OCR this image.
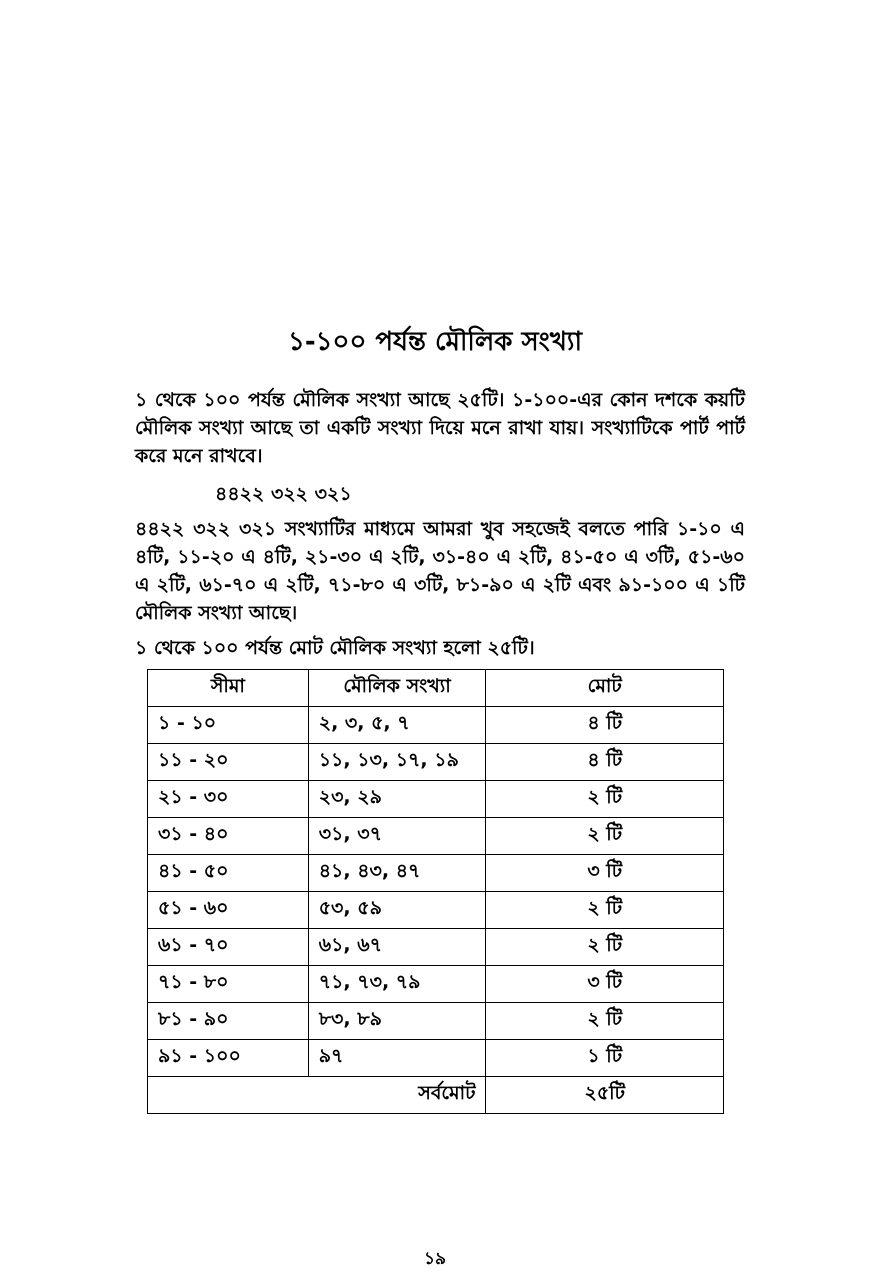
১-১০০ পর্যন্ত মৌলিক সংখ্যা
১ থেকে ১০০ পর্যন্ত মৌলিক সংখ্যা আছে ২৫টি। ১-১০০-এর কোন দশকে কয়টি মৌলিক সংখ্যা আছে তা একটি সংখ্যা দিয়ে মনে রাখা যায়। সংখ্যাটিকে পার্ট পার্ট করে মনে রাখবে।
৪৪২২ ৩২২ ৩২১
৪৪২২ ৩২২ ৩২১ সংখ্যাটির মাধ্যমে আমরা খুব সহজেই বলতে পারি ১-১০ এ ৪টি, ১১-২০ এ ৪টি, ২১-৩০ এ ২টি, ৩১-৪০ এ ২টি, ৪১-৫০ এ ৩টি, ৫১-৬০ এ ২টি, ৬১-৭০ এ ২টি, ৭১-৮০ এ ৩টি, ৮১-৯০ এ ২টি এবং ৯১-১০০ এ ১টি মৌলিক সংখ্যা আছে।
১ থেকে ১০০ পর্যন্ত মোট মৌলিক সংখ্যা হলো ২৫টি।
সীমা	মৌলিক সংখ্যা	মোট
১ - ১০	২, ৩, ৫, ৭	৪ টি
১১ - ২০	১১, ১৩, ১৭, ১৯	৪ টি
২১ - ৩০	২৩, ২৯	২ টি
৩১ - ৪০	৩১, ৩৭	২ টি
৪১ - ৫০	৪১, ৪৩, ৪৭	৩ টি
৫১ - ৬০	৫৩, ৫৯	২ টি
৬১ - ৭০	৬১, ৬৭	২ টি
৭১ - ৮০	৭১, ৭৩, ৭৯	৩ টি
৮১ - ৯০	৮৩, ৮৯	২ টি
৯১ - ১০০	৯৭	১ টি
সর্বমোট		২৫টি
১৯
